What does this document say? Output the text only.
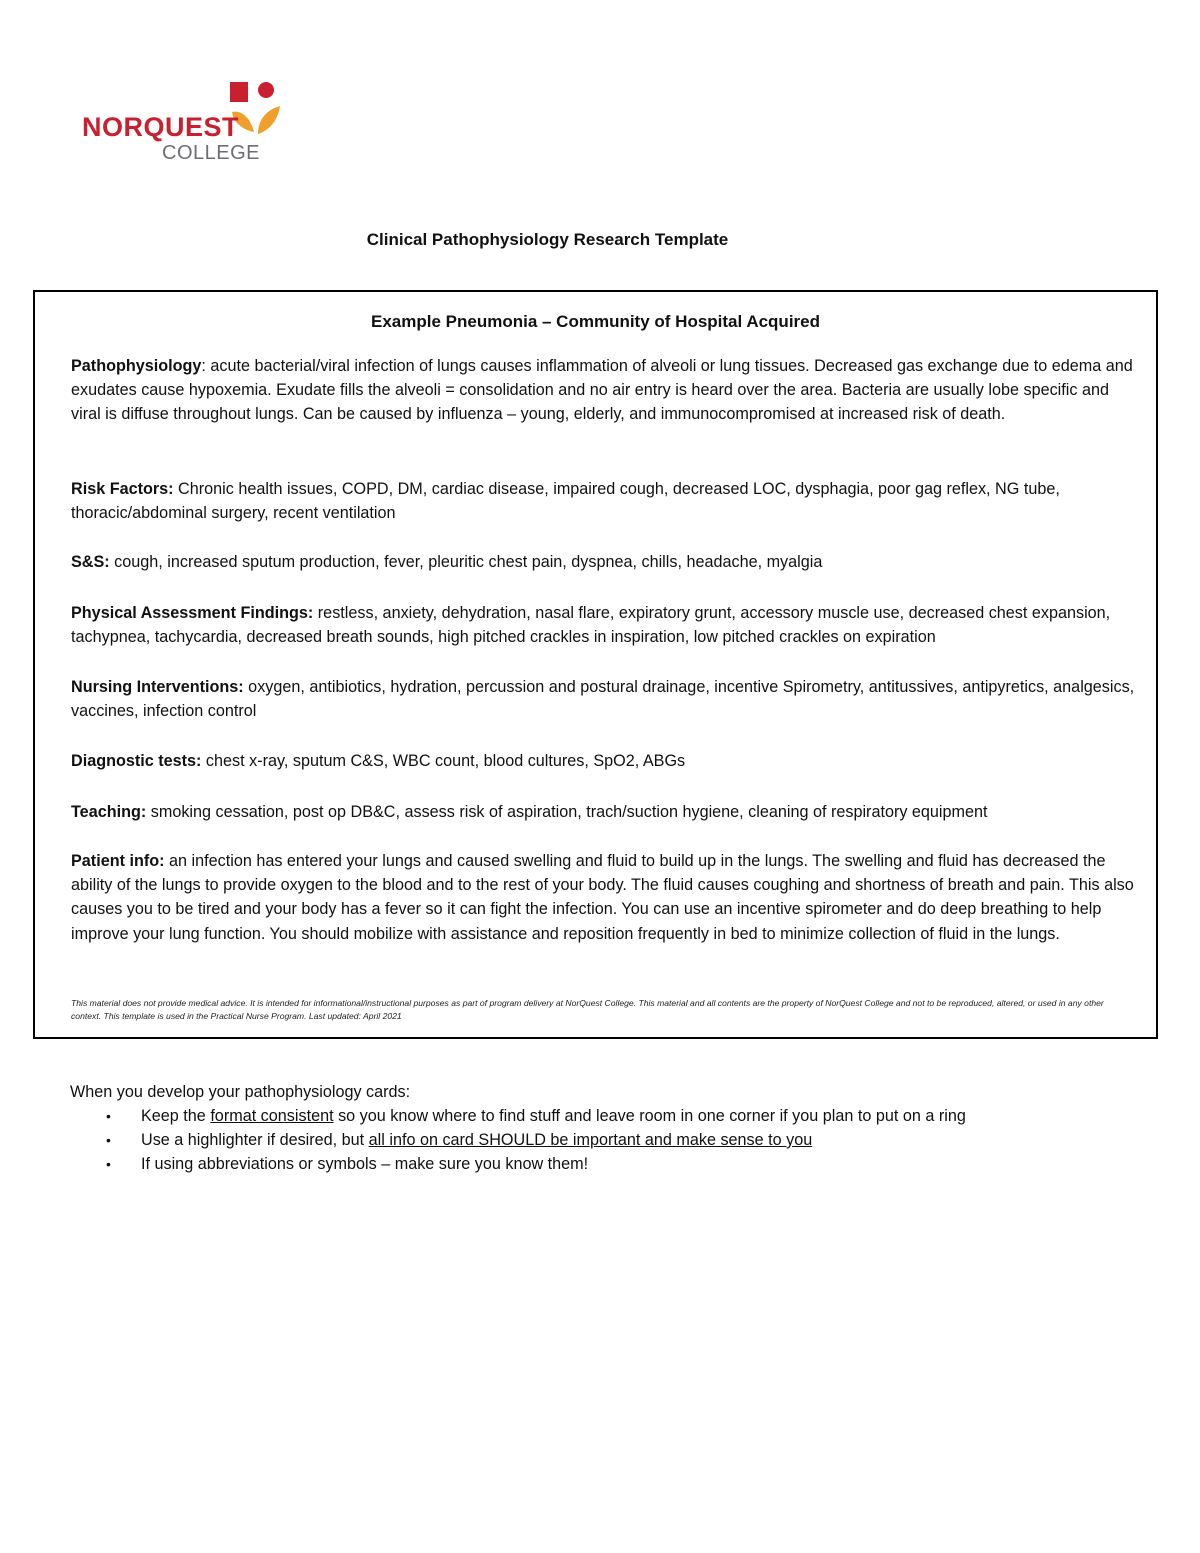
NORQUEST
COLLEGE
Clinical Pathophysiology Research Template
Example Pneumonia – Community of Hospital Acquired
Pathophysiology: acute bacterial/viral infection of lungs causes inflammation of alveoli or lung tissues. Decreased gas exchange due to edema and exudates cause hypoxemia. Exudate fills the alveoli = consolidation and no air entry is heard over the area. Bacteria are usually lobe specific and viral is diffuse throughout lungs. Can be caused by influenza – young, elderly, and immunocompromised at increased risk of death.
Risk Factors: Chronic health issues, COPD, DM, cardiac disease, impaired cough, decreased LOC, dysphagia, poor gag reflex, NG tube, thoracic/abdominal surgery, recent ventilation
S&S: cough, increased sputum production, fever, pleuritic chest pain, dyspnea, chills, headache, myalgia
Physical Assessment Findings: restless, anxiety, dehydration, nasal flare, expiratory grunt, accessory muscle use, decreased chest expansion, tachypnea, tachycardia, decreased breath sounds, high pitched crackles in inspiration, low pitched crackles on expiration
Nursing Interventions: oxygen, antibiotics, hydration, percussion and postural drainage, incentive Spirometry, antitussives, antipyretics, analgesics, vaccines, infection control
Diagnostic tests: chest x-ray, sputum C&S, WBC count, blood cultures, SpO2, ABGs
Teaching: smoking cessation, post op DB&C, assess risk of aspiration, trach/suction hygiene, cleaning of respiratory equipment
Patient info: an infection has entered your lungs and caused swelling and fluid to build up in the lungs. The swelling and fluid has decreased the ability of the lungs to provide oxygen to the blood and to the rest of your body. The fluid causes coughing and shortness of breath and pain. This also causes you to be tired and your body has a fever so it can fight the infection. You can use an incentive spirometer and do deep breathing to help improve your lung function. You should mobilize with assistance and reposition frequently in bed to minimize collection of fluid in the lungs.
This material does not provide medical advice. It is intended for informational/instructional purposes as part of program delivery at NorQuest College. This material and all contents are the property of NorQuest College and not to be reproduced, altered, or used in any other context. This template is used in the Practical Nurse Program. Last updated: April 2021
When you develop your pathophysiology cards:
• Keep the format consistent so you know where to find stuff and leave room in one corner if you plan to put on a ring
• Use a highlighter if desired, but all info on card SHOULD be important and make sense to you
• If using abbreviations or symbols – make sure you know them!
